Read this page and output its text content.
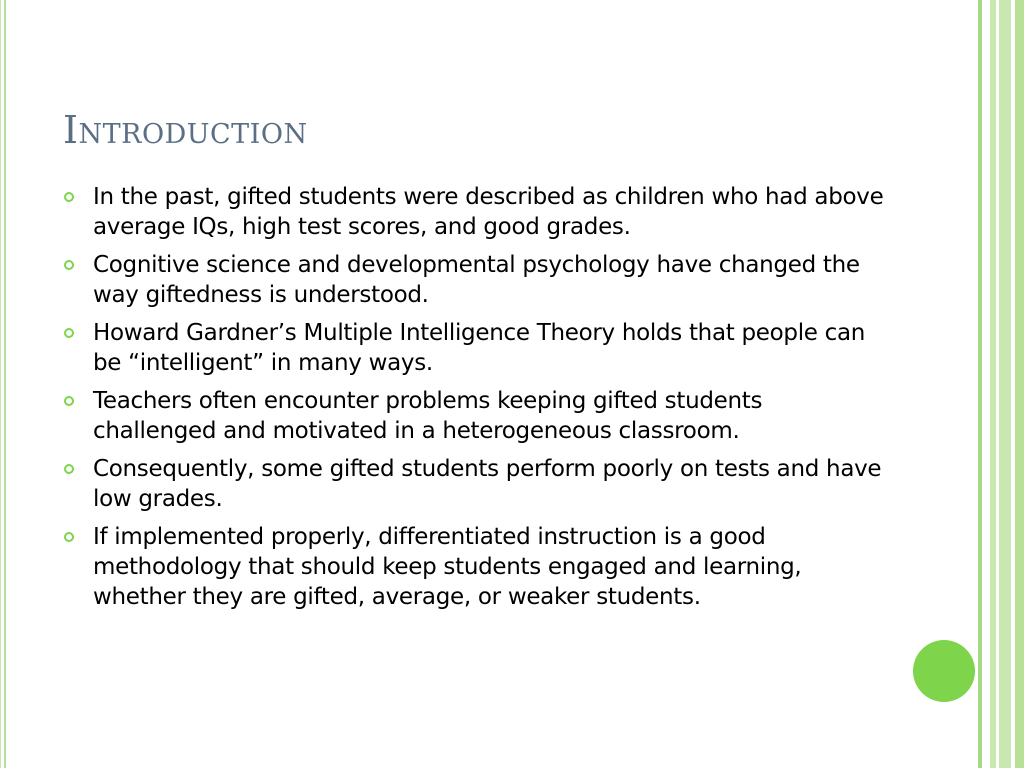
Introduction
In the past, gifted students were described as children who had above average IQs, high test scores, and good grades.
Cognitive science and developmental psychology have changed the way giftedness is understood.
Howard Gardner’s Multiple Intelligence Theory holds that people can be “intelligent” in many ways.
Teachers often encounter problems keeping gifted students challenged and motivated in a heterogeneous classroom.
Consequently, some gifted students perform poorly on tests and have low grades.
If implemented properly, differentiated instruction is a good methodology that should keep students engaged and learning, whether they are gifted, average, or weaker students.
